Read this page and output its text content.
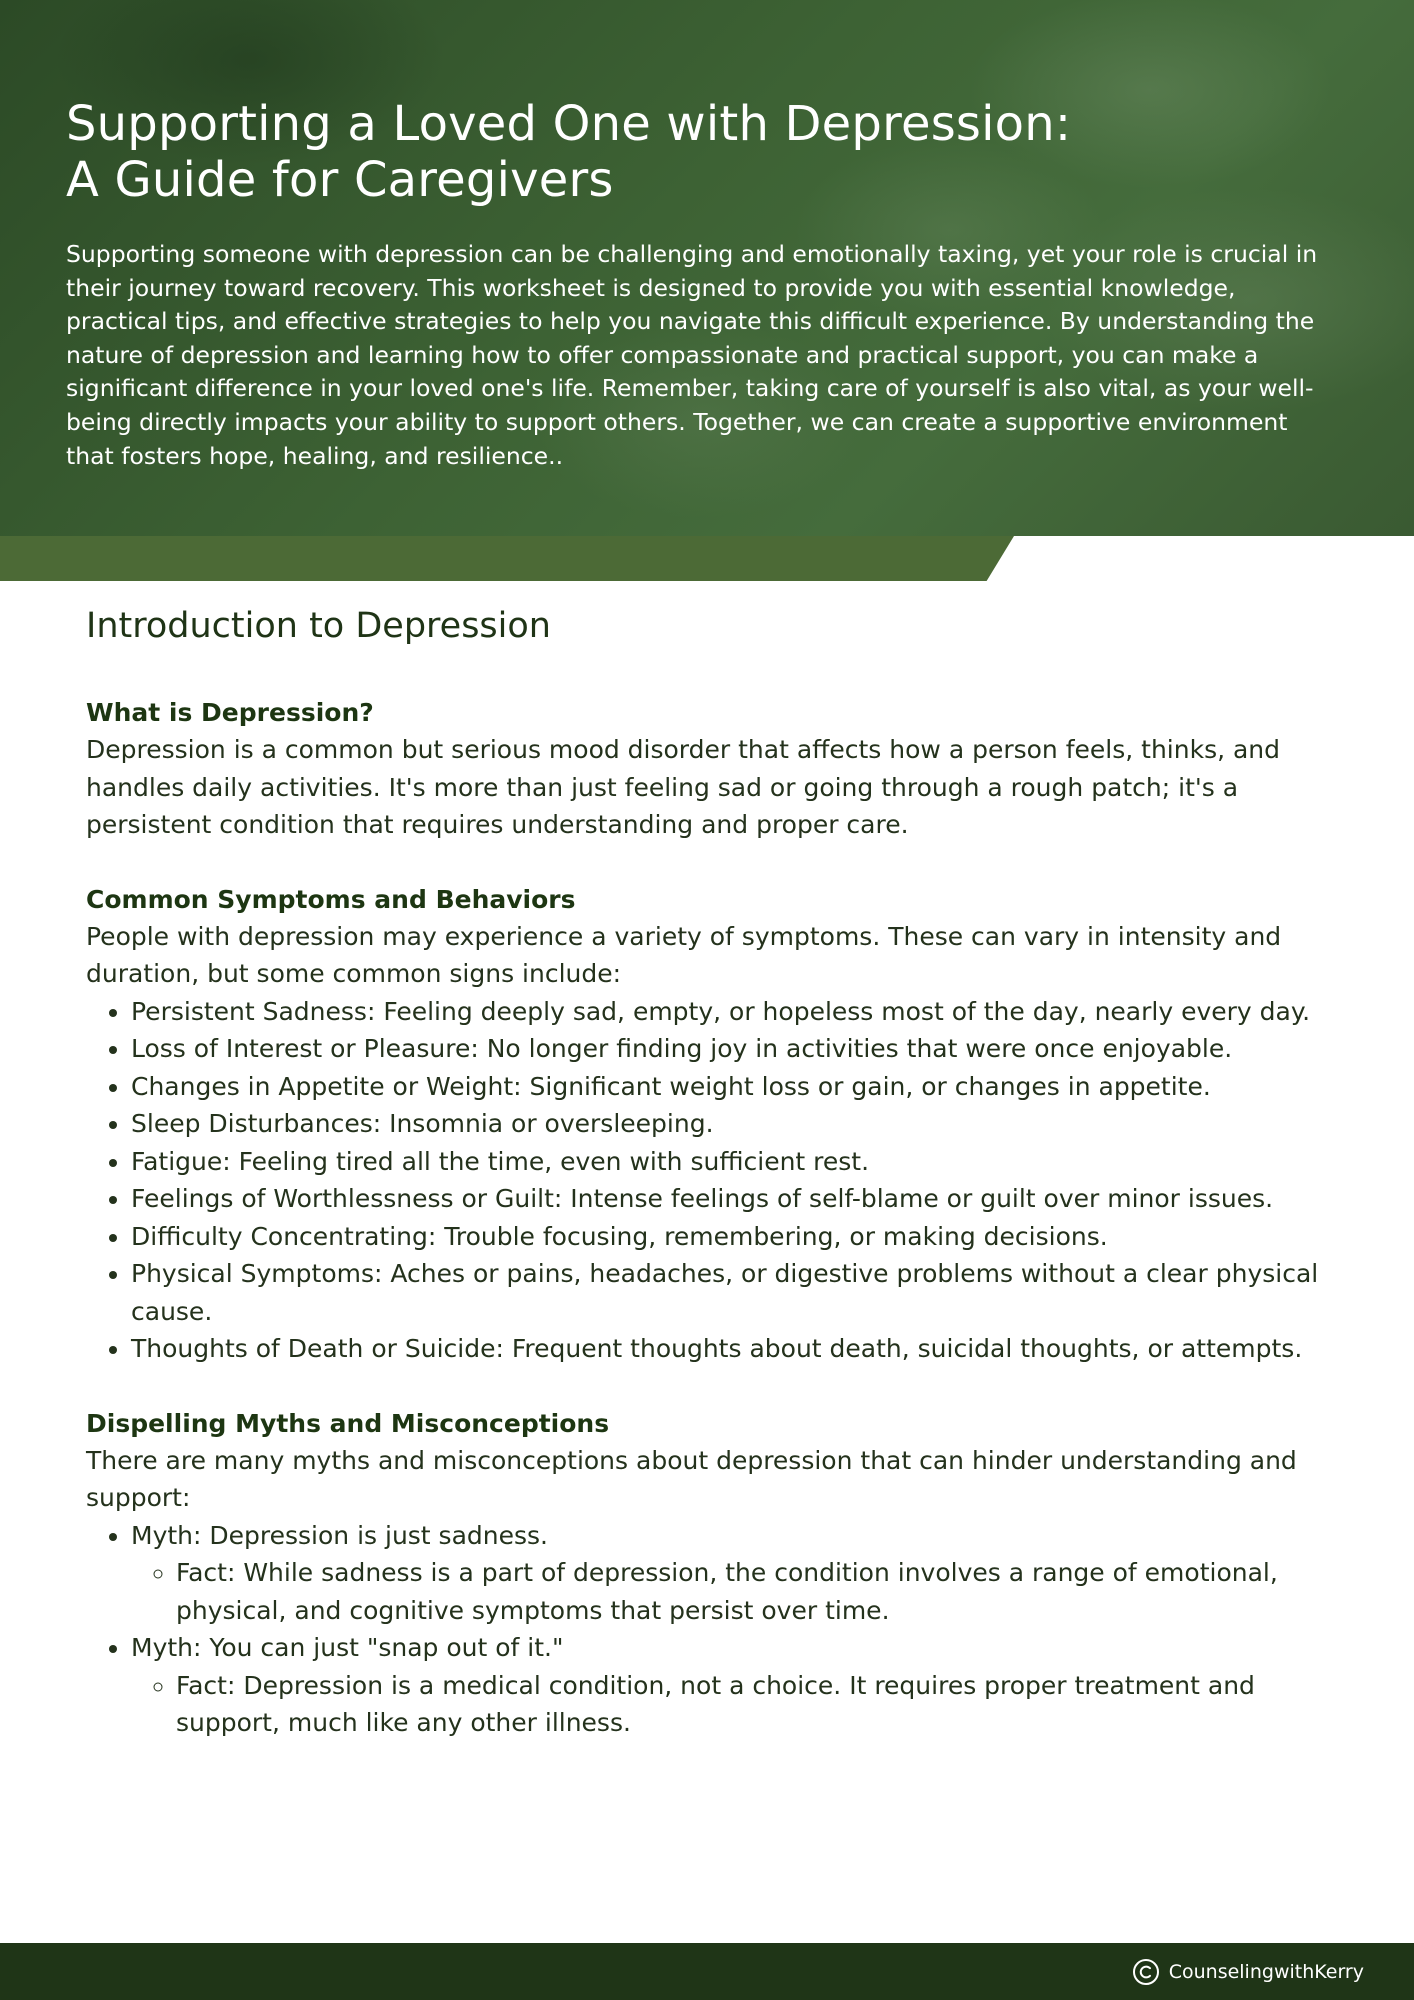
Supporting a Loved One with Depression:
A Guide for Caregivers

Supporting someone with depression can be challenging and emotionally taxing, yet your role is crucial in their journey toward recovery. This worksheet is designed to provide you with essential knowledge, practical tips, and effective strategies to help you navigate this difficult experience. By understanding the nature of depression and learning how to offer compassionate and practical support, you can make a significant difference in your loved one's life. Remember, taking care of yourself is also vital, as your well-being directly impacts your ability to support others. Together, we can create a supportive environment that fosters hope, healing, and resilience..

Introduction to Depression
What is Depression?

Depression is a common but serious mood disorder that affects how a person feels, thinks, and handles daily activities. It's more than just feeling sad or going through a rough patch; it's a persistent condition that requires understanding and proper care.

Common Symptoms and Behaviors

People with depression may experience a variety of symptoms. These can vary in intensity and duration, but some common signs include:

• Persistent Sadness: Feeling deeply sad, empty, or hopeless most of the day, nearly every day.
• Loss of Interest or Pleasure: No longer finding joy in activities that were once enjoyable.
• Changes in Appetite or Weight: Significant weight loss or gain, or changes in appetite.
• Sleep Disturbances: Insomnia or oversleeping.
• Fatigue: Feeling tired all the time, even with sufficient rest.
• Feelings of Worthlessness or Guilt: Intense feelings of self-blame or guilt over minor issues.
• Difficulty Concentrating: Trouble focusing, remembering, or making decisions.
• Physical Symptoms: Aches or pains, headaches, or digestive problems without a clear physical cause.
• Thoughts of Death or Suicide: Frequent thoughts about death, suicidal thoughts, or attempts.
Dispelling Myths and Misconceptions

There are many myths and misconceptions about depression that can hinder understanding and support:

• Myth: Depression is just sadness.
◦ Fact: While sadness is a part of depression, the condition involves a range of emotional, physical, and cognitive symptoms that persist over time.
• Myth: You can just "snap out of it."
◦ Fact: Depression is a medical condition, not a choice. It requires proper treatment and support, much like any other illness.
CounselingwithKerry
